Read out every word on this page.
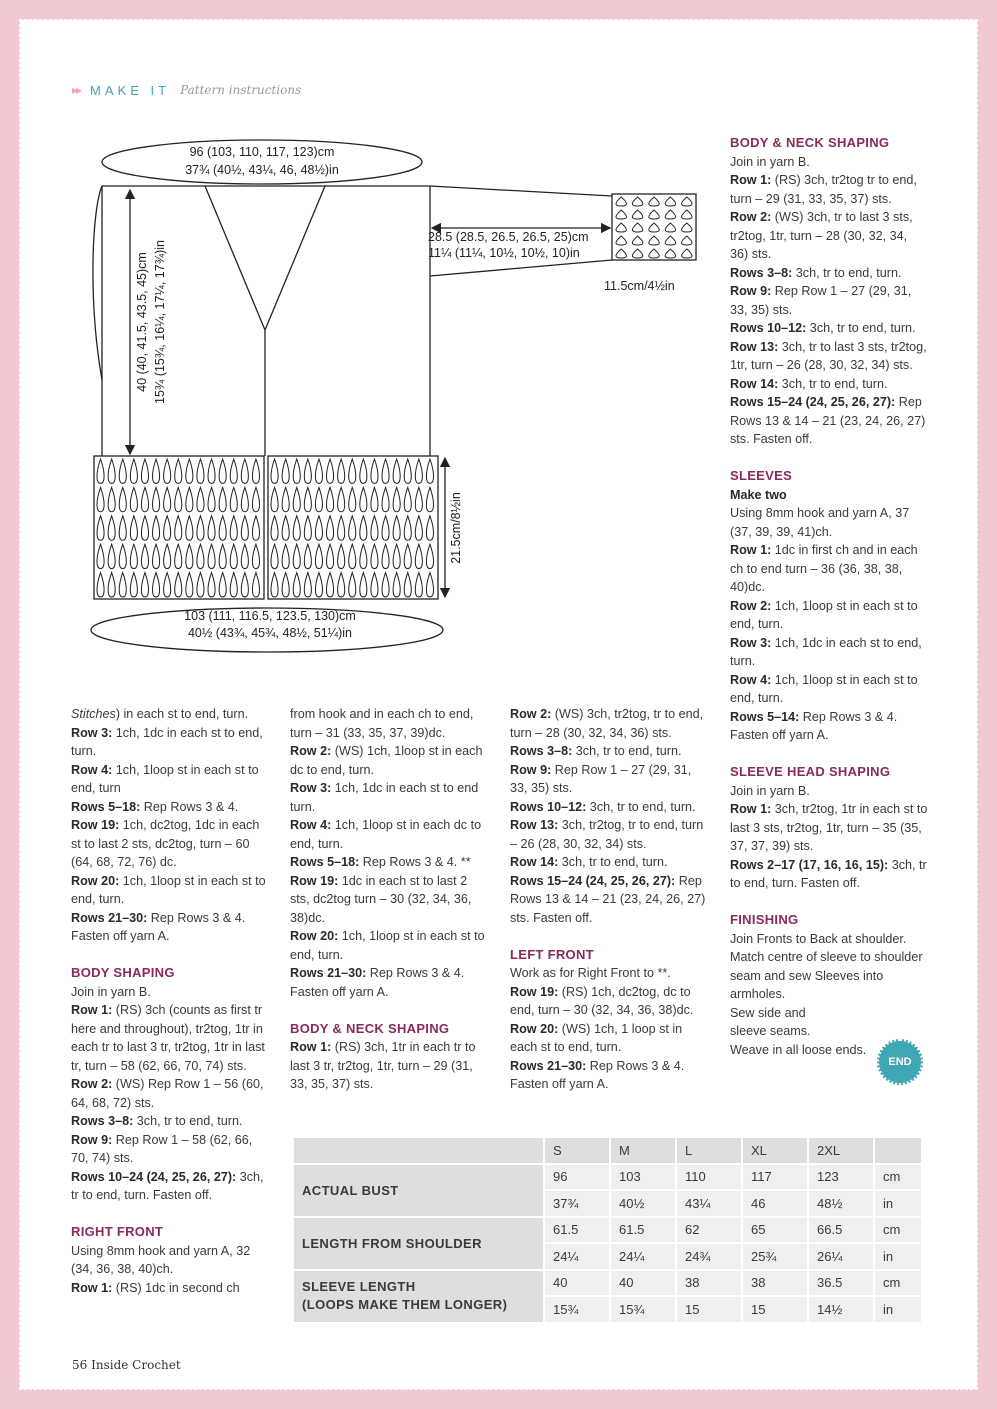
▸▸ MAKE IT Pattern instructions
96 (103, 110, 117, 123)cm
37¾ (40½, 43¼, 46, 48½)in
40 (40, 41.5, 43.5, 45)cm 15¾ (15¾, 16¼, 17¼, 17¾)in
28.5 (28.5, 26.5, 26.5, 25)cm
11¼ (11¼, 10½, 10½, 10)in
11.5cm/4½in
21.5cm/8½in
103 (111, 116.5, 123.5, 130)cm
40½ (43¾, 45¾, 48½, 51¼)in

Stitches) in each st to end, turn.

Row 3: 1ch, 1dc in each st to end, turn.

Row 4: 1ch, 1loop st in each st to end, turn

Rows 5–18: Rep Rows 3 & 4.

Row 19: 1ch, dc2tog, 1dc in each st to last 2 sts, dc2tog, turn – 60 (64, 68, 72, 76) dc.

Row 20: 1ch, 1loop st in each st to end, turn.

Rows 21–30: Rep Rows 3 & 4. Fasten off yarn A.

BODY SHAPING

Join in yarn B.

Row 1: (RS) 3ch (counts as first tr here and throughout), tr2tog, 1tr in each tr to last 3 tr, tr2tog, 1tr in last tr, turn – 58 (62, 66, 70, 74) sts.

Row 2: (WS) Rep Row 1 – 56 (60, 64, 68, 72) sts.

Rows 3–8: 3ch, tr to end, turn.

Row 9: Rep Row 1 – 58 (62, 66, 70, 74) sts.

Rows 10–24 (24, 25, 26, 27): 3ch, tr to end, turn. Fasten off.

RIGHT FRONT

Using 8mm hook and yarn A, 32 (34, 36, 38, 40)ch.

Row 1: (RS) 1dc in second ch

from hook and in each ch to end, turn – 31 (33, 35, 37, 39)dc.

Row 2: (WS) 1ch, 1loop st in each dc to end, turn.

Row 3: 1ch, 1dc in each st to end turn.

Row 4: 1ch, 1loop st in each dc to end, turn.

Rows 5–18: Rep Rows 3 & 4. **

Row 19: 1dc in each st to last 2 sts, dc2tog turn – 30 (32, 34, 36, 38)dc.

Row 20: 1ch, 1loop st in each st to end, turn.

Rows 21–30: Rep Rows 3 & 4. Fasten off yarn A.

BODY & NECK SHAPING

Row 1: (RS) 3ch, 1tr in each tr to last 3 tr, tr2tog, 1tr, turn – 29 (31, 33, 35, 37) sts.

Row 2: (WS) 3ch, tr2tog, tr to end, turn – 28 (30, 32, 34, 36) sts.

Rows 3–8: 3ch, tr to end, turn.

Row 9: Rep Row 1 – 27 (29, 31, 33, 35) sts.

Rows 10–12: 3ch, tr to end, turn.

Row 13: 3ch, tr2tog, tr to end, turn – 26 (28, 30, 32, 34) sts.

Row 14: 3ch, tr to end, turn.

Rows 15–24 (24, 25, 26, 27): Rep Rows 13 & 14 – 21 (23, 24, 26, 27) sts. Fasten off.

LEFT FRONT

Work as for Right Front to **.

Row 19: (RS) 1ch, dc2tog, dc to end, turn – 30 (32, 34, 36, 38)dc.

Row 20: (WS) 1ch, 1 loop st in each st to end, turn.

Rows 21–30: Rep Rows 3 & 4. Fasten off yarn A.

BODY & NECK SHAPING

Join in yarn B.

Row 1: (RS) 3ch, tr2tog tr to end, turn – 29 (31, 33, 35, 37) sts.

Row 2: (WS) 3ch, tr to last 3 sts, tr2tog, 1tr, turn – 28 (30, 32, 34, 36) sts.

Rows 3–8: 3ch, tr to end, turn.

Row 9: Rep Row 1 – 27 (29, 31, 33, 35) sts.

Rows 10–12: 3ch, tr to end, turn.

Row 13: 3ch, tr to last 3 sts, tr2tog, 1tr, turn – 26 (28, 30, 32, 34) sts.

Row 14: 3ch, tr to end, turn.

Rows 15–24 (24, 25, 26, 27): Rep Rows 13 & 14 – 21 (23, 24, 26, 27) sts. Fasten off.

SLEEVES

Make two

Using 8mm hook and yarn A, 37 (37, 39, 39, 41)ch.

Row 1: 1dc in first ch and in each ch to end turn – 36 (36, 38, 38, 40)dc.

Row 2: 1ch, 1loop st in each st to end, turn.

Row 3: 1ch, 1dc in each st to end, turn.

Row 4: 1ch, 1loop st in each st to end, turn.

Rows 5–14: Rep Rows 3 & 4. Fasten off yarn A.

SLEEVE HEAD SHAPING

Join in yarn B.

Row 1: 3ch, tr2tog, 1tr in each st to last 3 sts, tr2tog, 1tr, turn – 35 (35, 37, 37, 39) sts.

Rows 2–17 (17, 16, 16, 15): 3ch, tr to end, turn. Fasten off.

FINISHING

Join Fronts to Back at shoulder. Match centre of sleeve to shoulder seam and sew Sleeves into armholes.

Sew side and

sleeve seams.

Weave in all loose ends.

END
	S	M	L	XL	2XL	
ACTUAL BUST	96	103	110	117	123	cm
	37¾	40½	43¼	46	48½	in
LENGTH FROM SHOULDER	61.5	61.5	62	65	66.5	cm
	24¼	24¼	24¾	25¾	26¼	in

SLEEVE LENGTH
(LOOPS MAKE THEM LONGER)	40	40	38	38	36.5	cm
	15¾	15¾	15	15	14½	in
56 Inside Crochet
